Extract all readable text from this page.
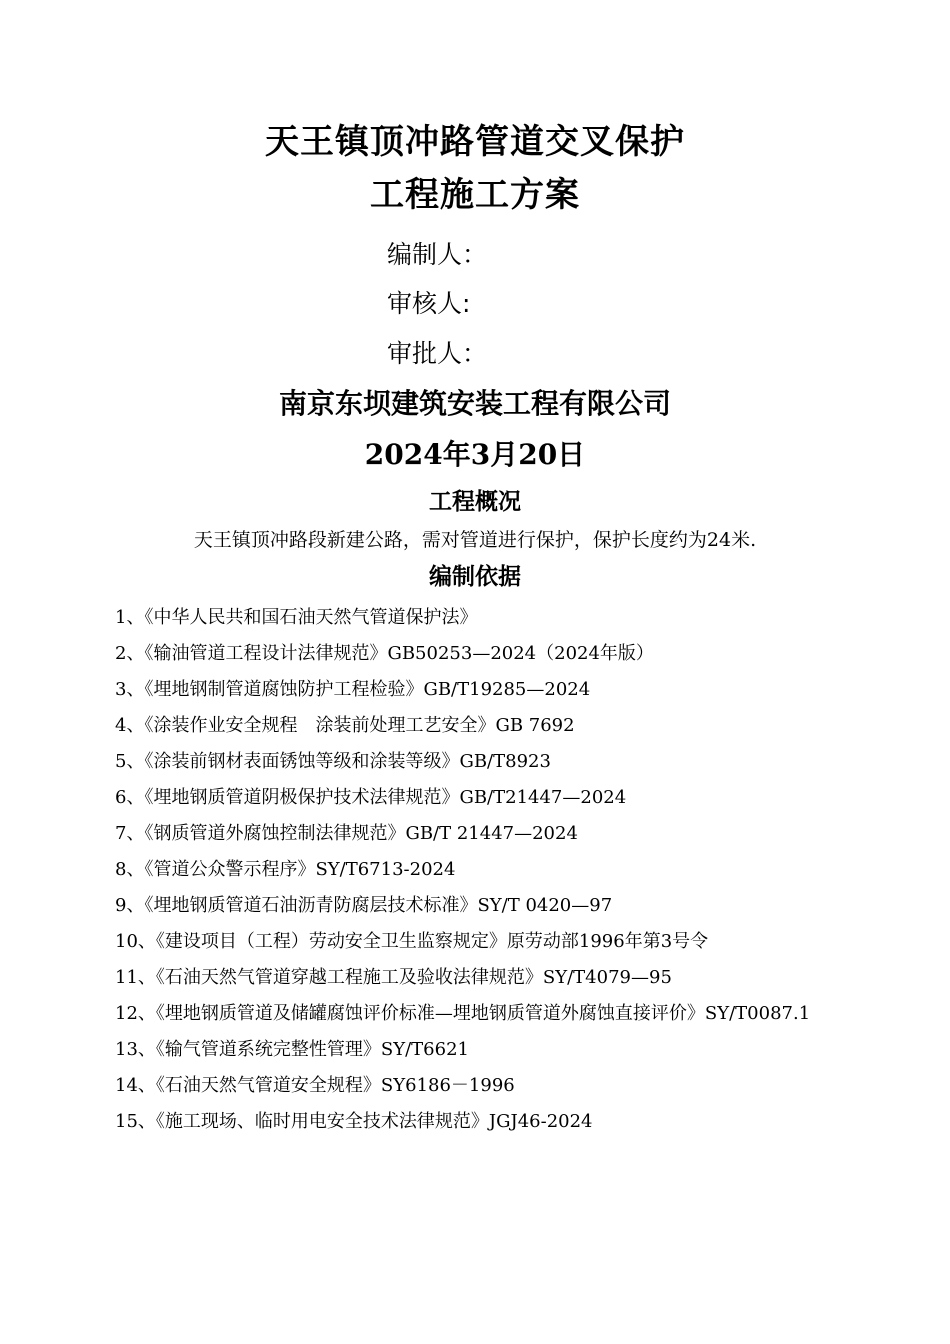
天王镇顶冲路管道交叉保护
工程施工方案
编制人：
审核人:
审批人：
南京东坝建筑安装工程有限公司
2024年3月20日
工程概况
天王镇顶冲路段新建公路，需对管道进行保护，保护长度约为24米.
编制依据
1、《中华人民共和国石油天然气管道保护法》
2、《输油管道工程设计法律规范》GB50253—2024（2024年版）
3、《埋地钢制管道腐蚀防护工程检验》GB/T19285—2024
4、《涂装作业安全规程　涂装前处理工艺安全》GB 7692
5、《涂装前钢材表面锈蚀等级和涂装等级》GB/T8923
6、《埋地钢质管道阴极保护技术法律规范》GB/T21447—2024
7、《钢质管道外腐蚀控制法律规范》GB/T 21447—2024
8、《管道公众警示程序》SY/T6713-2024
9、《埋地钢质管道石油沥青防腐层技术标准》SY/T 0420—97
10、《建设项目（工程）劳动安全卫生监察规定》原劳动部1996年第3号令
11、《石油天然气管道穿越工程施工及验收法律规范》SY/T4079—95
12、《埋地钢质管道及储罐腐蚀评价标准—埋地钢质管道外腐蚀直接评价》SY/T0087.1
13、《输气管道系统完整性管理》SY/T6621
14、《石油天然气管道安全规程》SY6186－1996
15、《施工现场、临时用电安全技术法律规范》JGJ46-2024
